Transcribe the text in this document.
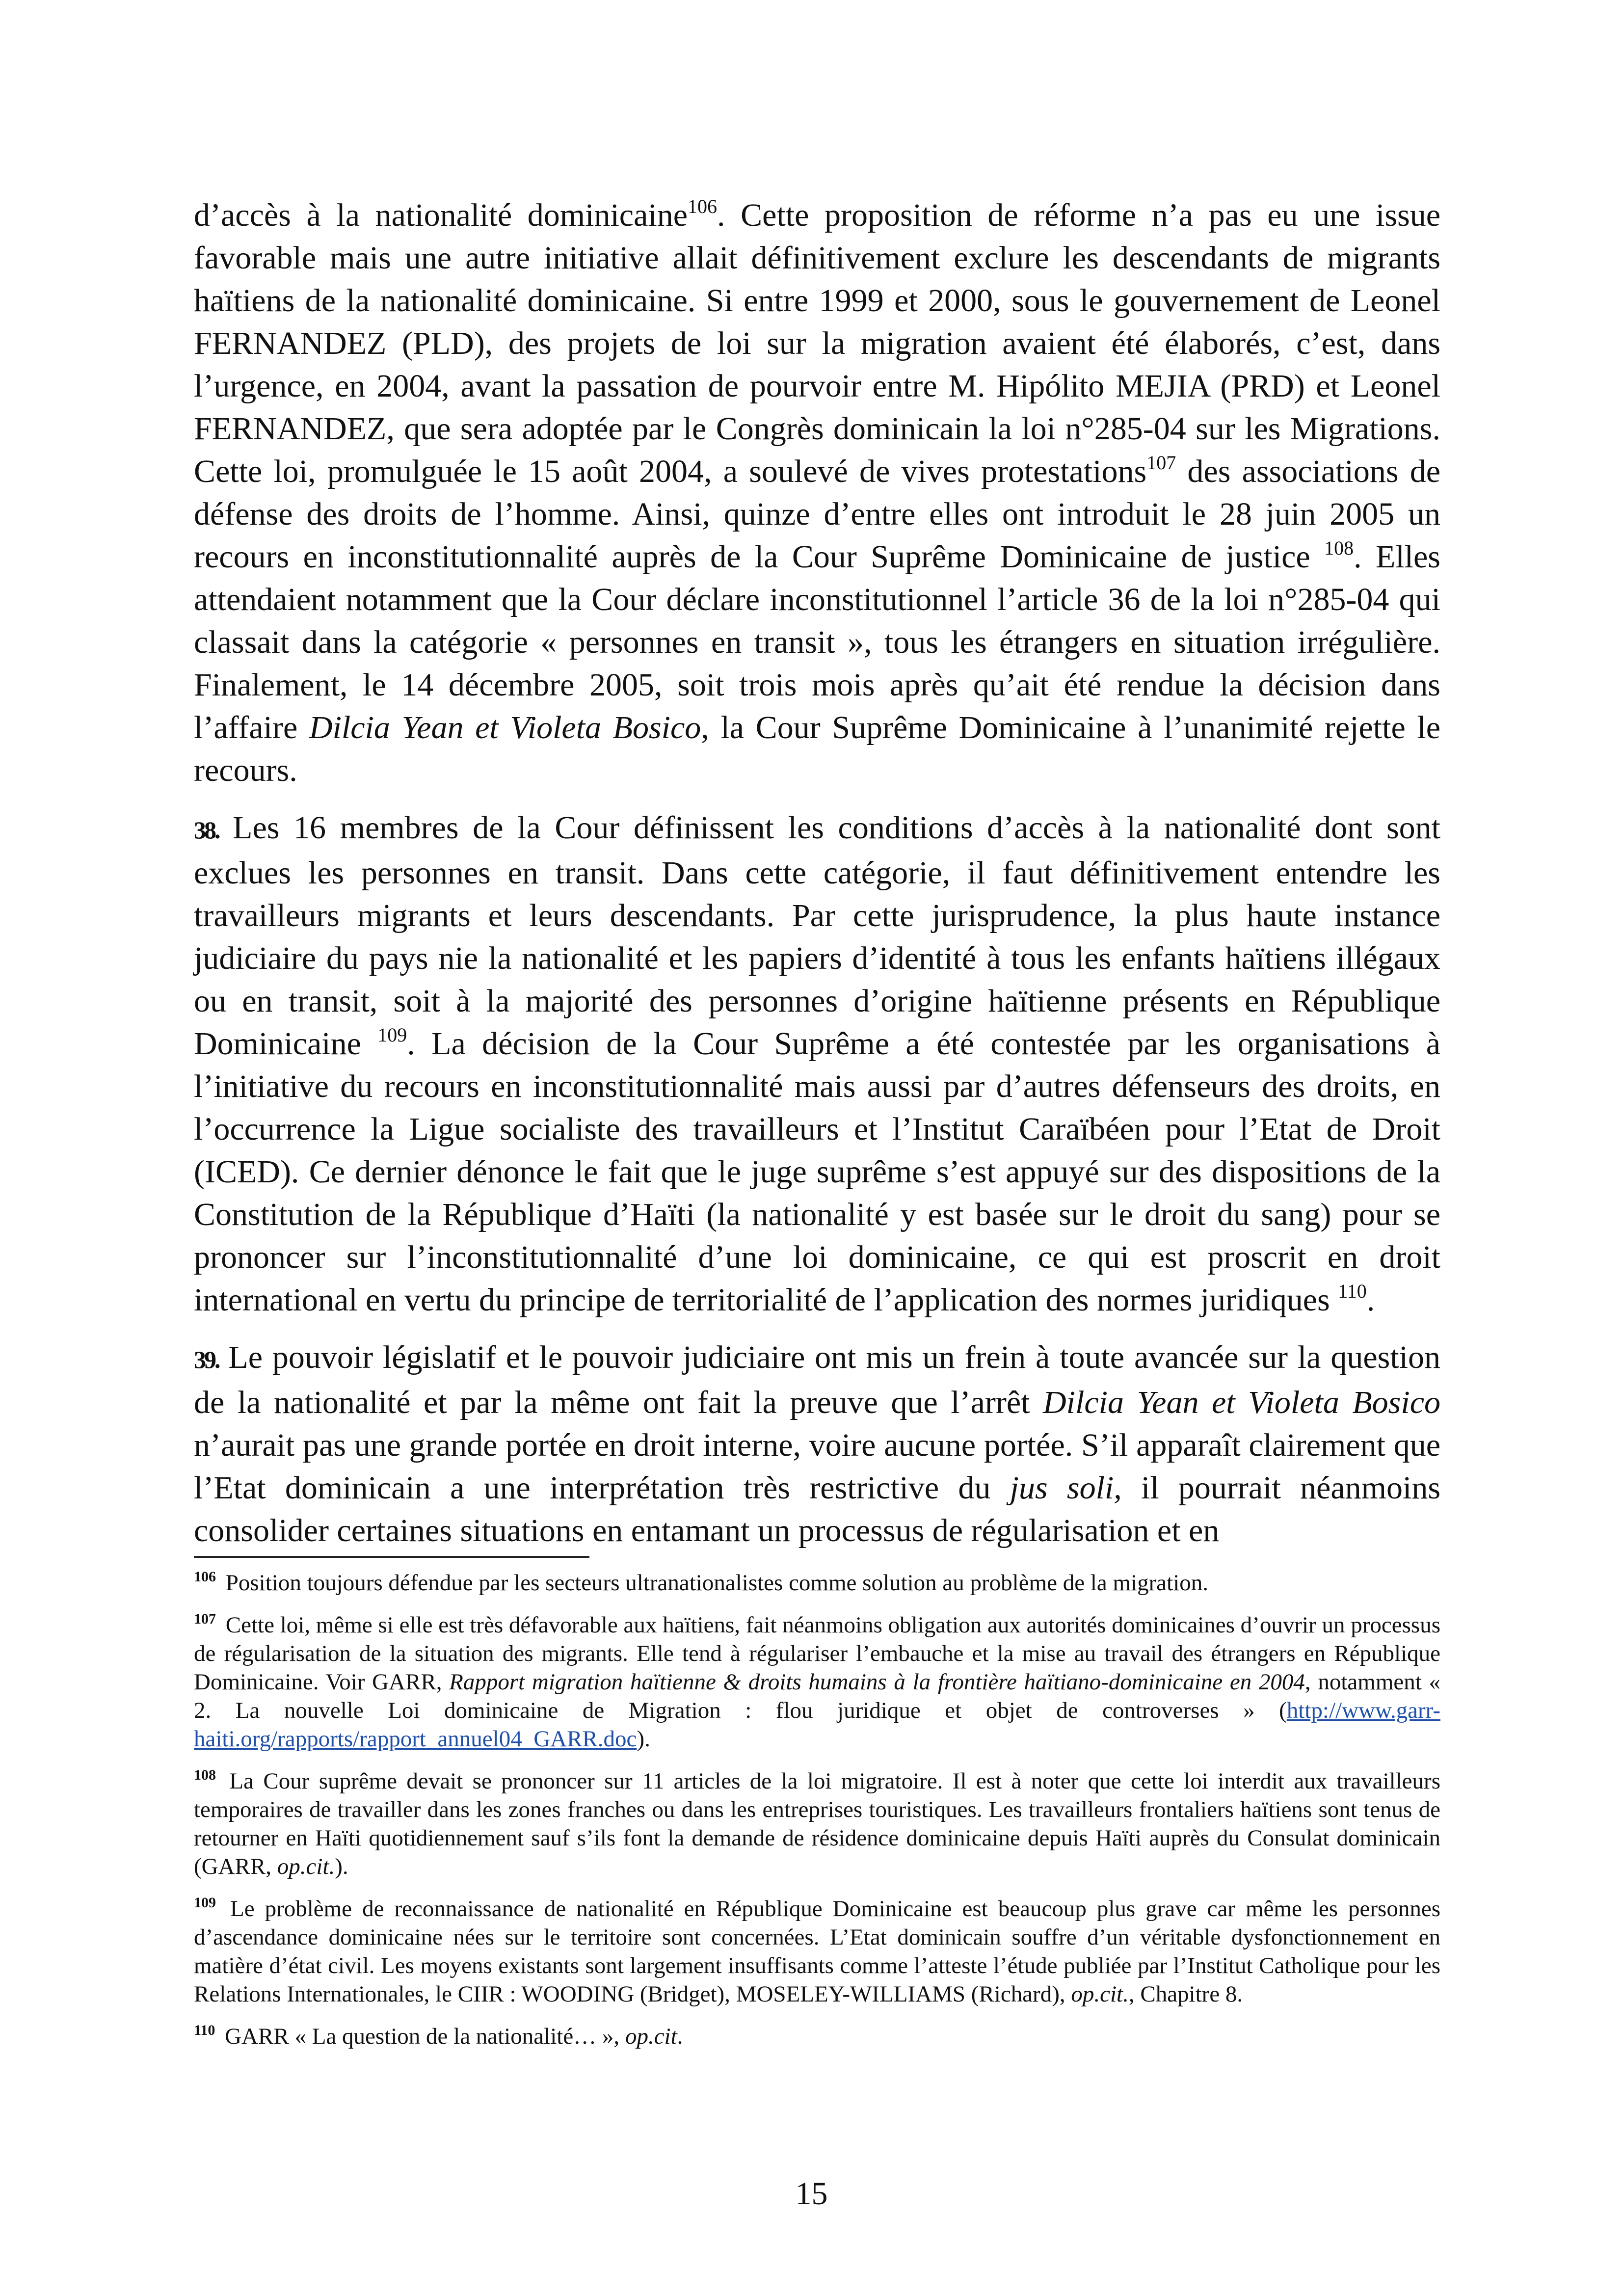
d’accès à la nationalité dominicaine$^{106}$. Cette proposition de réforme n’a pas eu une issue favorable mais une autre initiative allait définitivement exclure les descendants de migrants haïtiens de la nationalité dominicaine. Si entre 1999 et 2000, sous le gouvernement de Leonel FERNANDEZ (PLD), des projets de loi sur la migration avaient été élaborés, c’est, dans l’urgence, en 2004, avant la passation de pourvoir entre M. Hipólito MEJIA (PRD) et Leonel FERNANDEZ, que sera adoptée par le Congrès dominicain la loi n°285-04 sur les Migrations. Cette loi, promulguée le 15 août 2004, a soulevé de vives protestations$^{107}$ des associations de défense des droits de l’homme. Ainsi, quinze d’entre elles ont introduit le 28 juin 2005 un recours en inconstitutionnalité auprès de la Cour Suprême Dominicaine de justice $^{108}$. Elles attendaient notamment que la Cour déclare inconstitutionnel l’article 36 de la loi n°285-04 qui classait dans la catégorie « personnes en transit », tous les étrangers en situation irrégulière. Finalement, le 14 décembre 2005, soit trois mois après qu’ait été rendue la décision dans l’affaire Dilcia Yean et Violeta Bosico, la Cour Suprême Dominicaine à l’unanimité rejette le recours.

38. Les 16 membres de la Cour définissent les conditions d’accès à la nationalité dont sont exclues les personnes en transit. Dans cette catégorie, il faut définitivement entendre les travailleurs migrants et leurs descendants. Par cette jurisprudence, la plus haute instance judiciaire du pays nie la nationalité et les papiers d’identité à tous les enfants haïtiens illégaux ou en transit, soit à la majorité des personnes d’origine haïtienne présents en République Dominicaine $^{109}$. La décision de la Cour Suprême a été contestée par les organisations à l’initiative du recours en inconstitutionnalité mais aussi par d’autres défenseurs des droits, en l’occurrence la Ligue socialiste des travailleurs et l’Institut Caraïbéen pour l’Etat de Droit (ICED). Ce dernier dénonce le fait que le juge suprême s’est appuyé sur des dispositions de la Constitution de la République d’Haïti (la nationalité y est basée sur le droit du sang) pour se prononcer sur l’inconstitutionnalité d’une loi dominicaine, ce qui est proscrit en droit international en vertu du principe de territorialité de l’application des normes juridiques $^{110}$.

39. Le pouvoir législatif et le pouvoir judiciaire ont mis un frein à toute avancée sur la question de la nationalité et par la même ont fait la preuve que l’arrêt Dilcia Yean et Violeta Bosico n’aurait pas une grande portée en droit interne, voire aucune portée. S’il apparaît clairement que l’Etat dominicain a une interprétation très restrictive du jus soli, il pourrait néanmoins consolider certaines situations en entamant un processus de régularisation et en

$^{106}$ Position toujours défendue par les secteurs ultranationalistes comme solution au problème de la migration.

$^{107}$ Cette loi, même si elle est très défavorable aux haïtiens, fait néanmoins obligation aux autorités dominicaines d’ouvrir un processus de régularisation de la situation des migrants. Elle tend à régulariser l’embauche et la mise au travail des étrangers en République Dominicaine. Voir GARR, Rapport migration haïtienne & droits humains à la frontière haïtiano-dominicaine en 2004, notamment « 2. La nouvelle Loi dominicaine de Migration : flou juridique et objet de controverses » (http://www.garr-haiti.org/rapports/rapport_annuel04_GARR.doc).

$^{108}$ La Cour suprême devait se prononcer sur 11 articles de la loi migratoire. Il est à noter que cette loi interdit aux travailleurs temporaires de travailler dans les zones franches ou dans les entreprises touristiques. Les travailleurs frontaliers haïtiens sont tenus de retourner en Haïti quotidiennement sauf s’ils font la demande de résidence dominicaine depuis Haïti auprès du Consulat dominicain (GARR, op.cit.).

$^{109}$ Le problème de reconnaissance de nationalité en République Dominicaine est beaucoup plus grave car même les personnes d’ascendance dominicaine nées sur le territoire sont concernées. L’Etat dominicain souffre d’un véritable dysfonctionnement en matière d’état civil. Les moyens existants sont largement insuffisants comme l’atteste l’étude publiée par l’Institut Catholique pour les Relations Internationales, le CIIR : WOODING (Bridget), MOSELEY-WILLIAMS (Richard), op.cit., Chapitre 8.

$^{110}$ GARR « La question de la nationalité… », op.cit.

15
